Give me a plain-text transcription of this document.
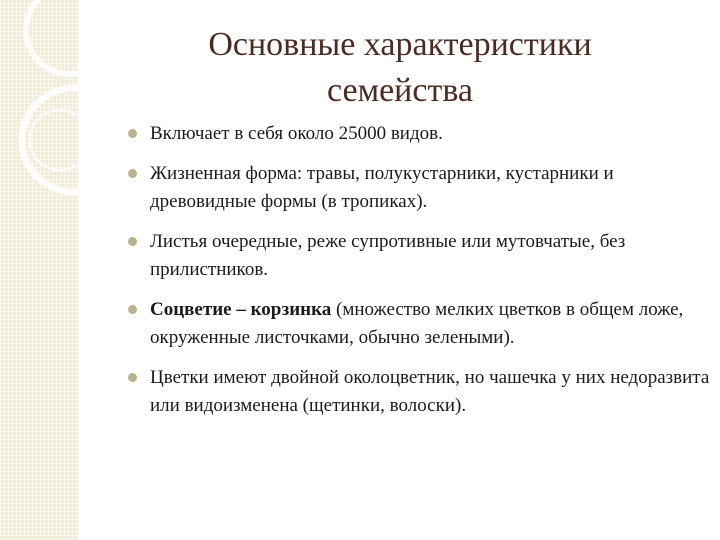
Основные характеристики
семейства
Включает в себя около 25000 видов.
Жизненная форма: травы, полукустарники, кустарники и древовидные формы (в тропиках).
Листья очередные, реже супротивные или мутовчатые, без прилистников.
Соцветие – корзинка (множество мелких цветков в общем ложе, окруженные листочками, обычно зелеными).
Цветки имеют двойной околоцветник, но чашечка у них недоразвита или видоизменена (щетинки, волоски).
